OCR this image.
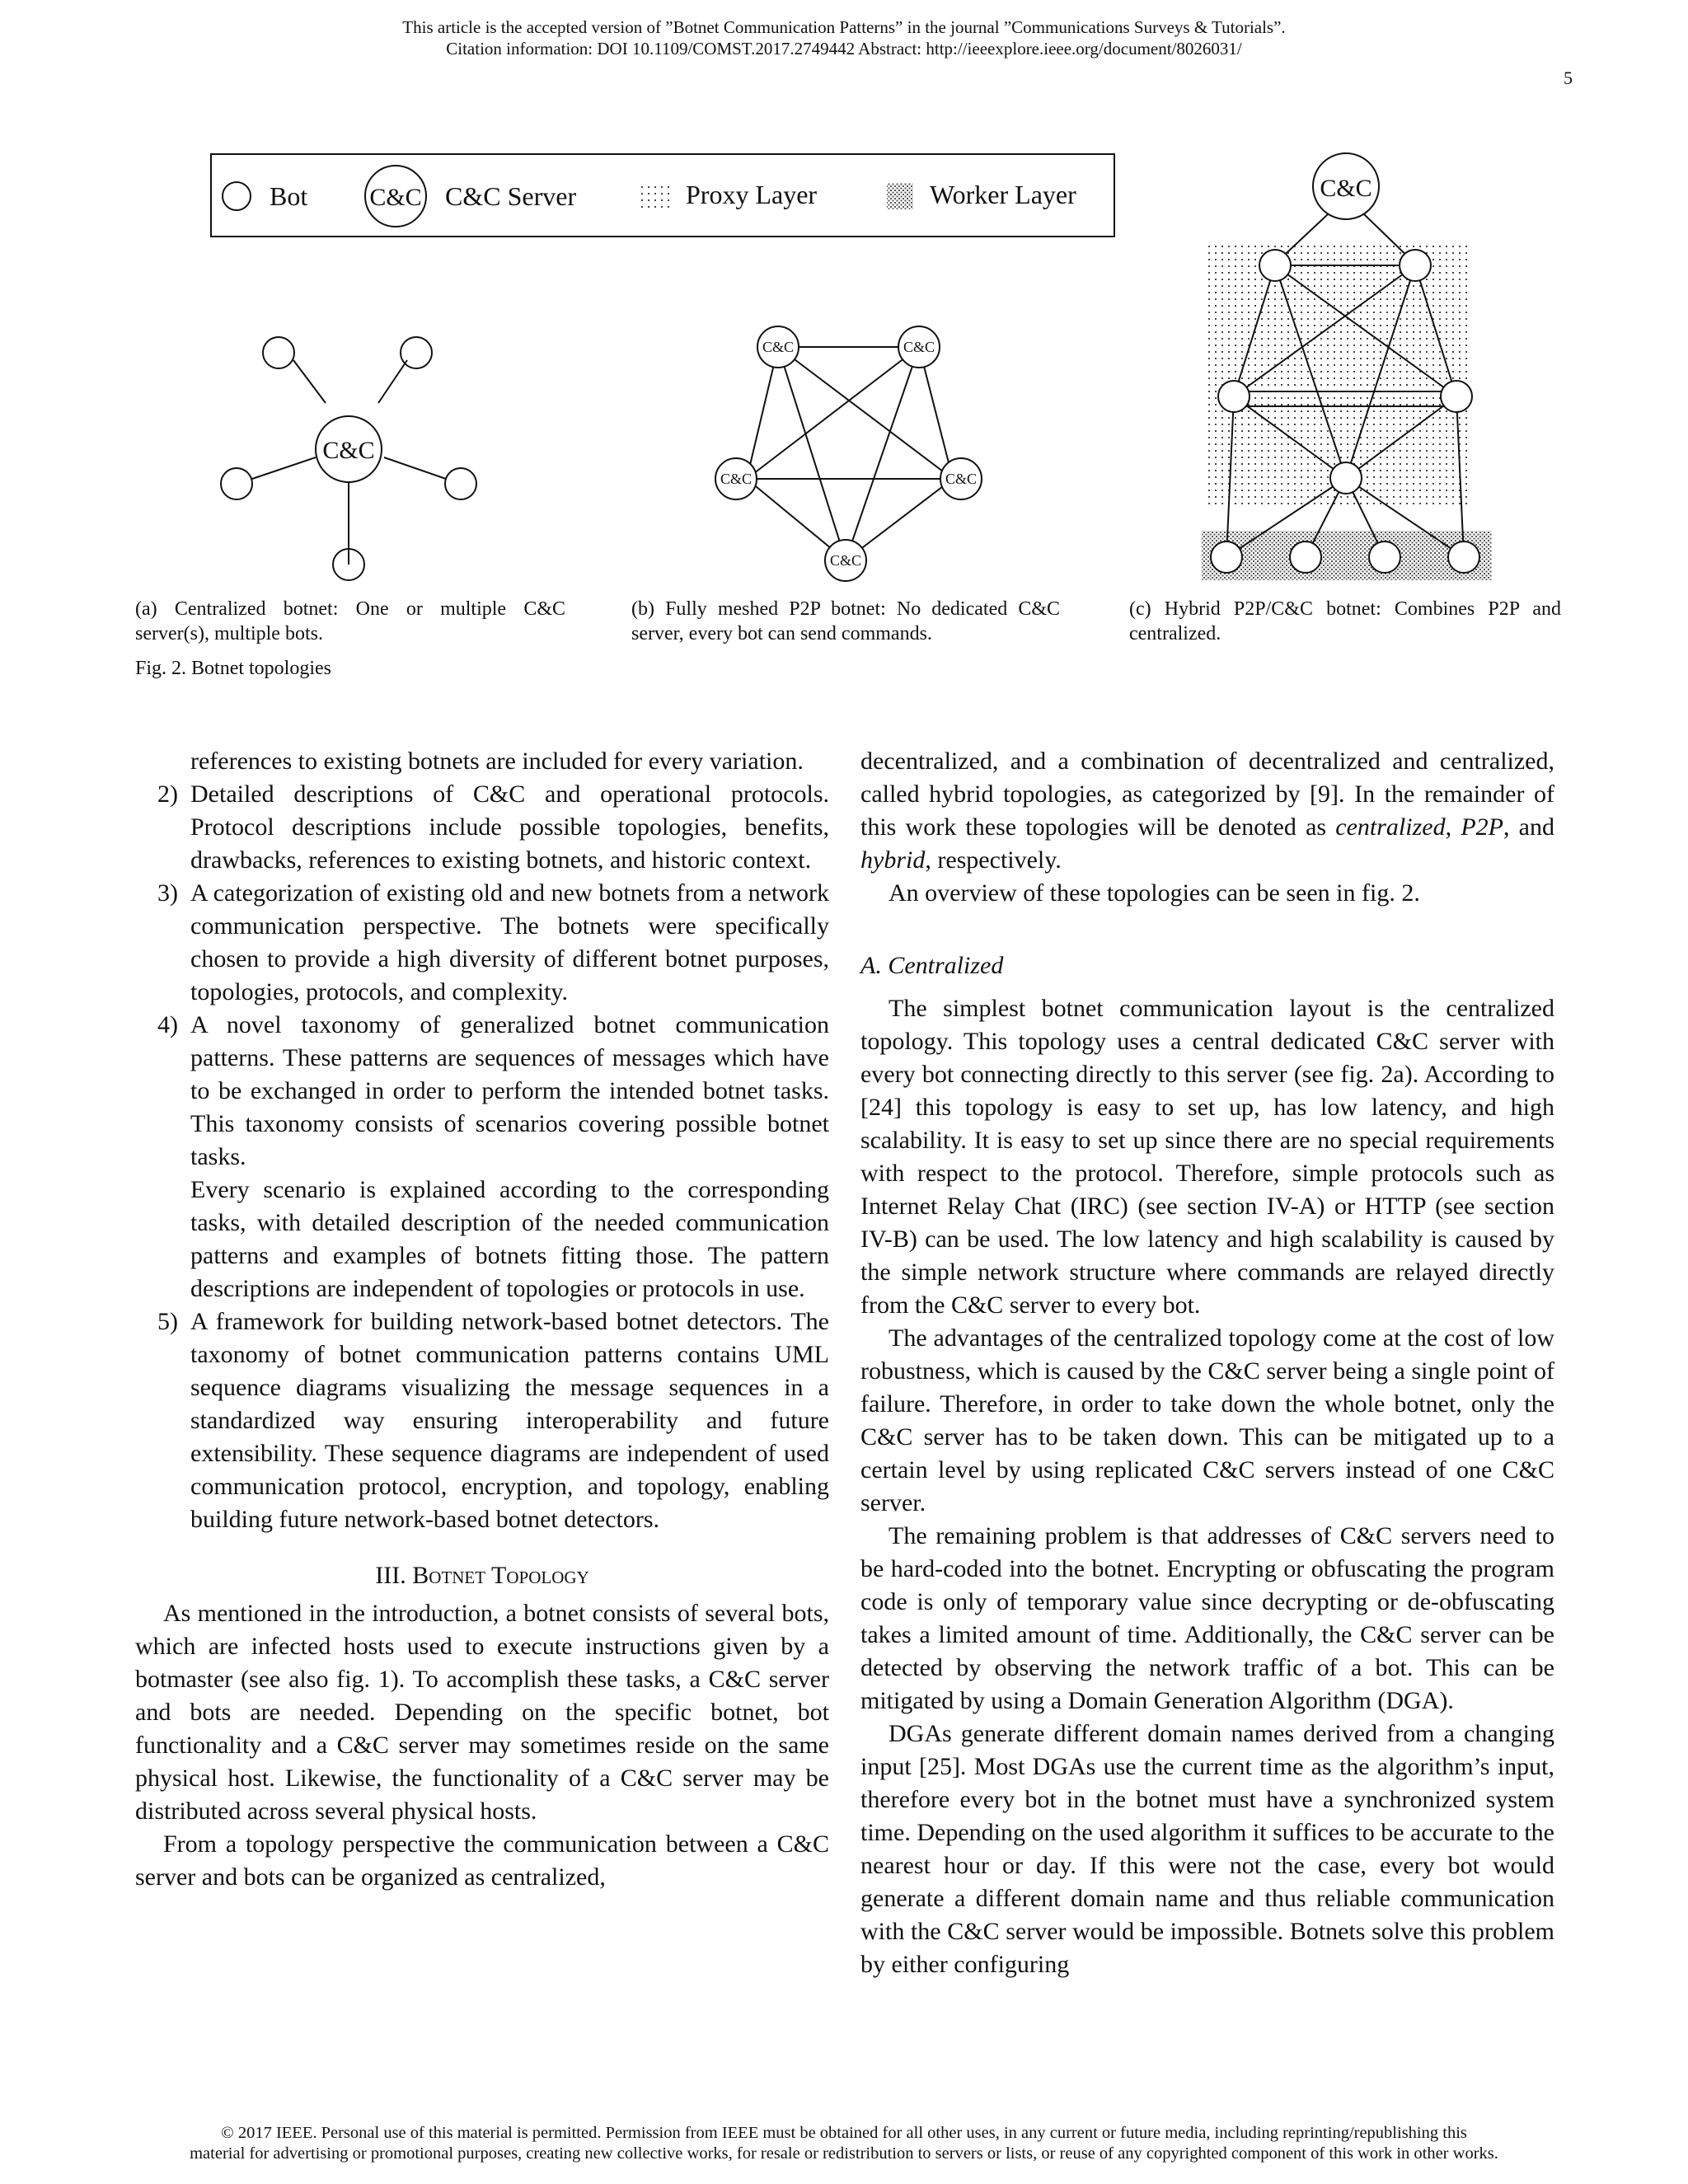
This article is the accepted version of ”Botnet Communication Patterns” in the journal ”Communications Surveys & Tutorials”.
Citation information: DOI 10.1109/COMST.2017.2749442 Abstract: http://ieeexplore.ieee.org/document/8026031/
5
Bot	C&C C&C Server	Proxy Layer	Worker Layer
C&C
C&C	C&C
C&C	C&C
C&C
C&C
(a) Centralized botnet: One or multiple C&C server(s), multiple bots.
(b) Fully meshed P2P botnet: No dedicated C&C server, every bot can send commands.
(c) Hybrid P2P/C&C botnet: Combines P2P and centralized.
Fig. 2. Botnet topologies

references to existing botnets are included for every variation.

2) Detailed descriptions of C&C and operational protocols. Protocol descriptions include possible topologies, benefits, drawbacks, references to existing botnets, and historic context.

3) A categorization of existing old and new botnets from a network communication perspective. The botnets were specifically chosen to provide a high diversity of different botnet purposes, topologies, protocols, and complexity.

4) A novel taxonomy of generalized botnet communication patterns. These patterns are sequences of messages which have to be exchanged in order to perform the intended botnet tasks. This taxonomy consists of scenarios covering possible botnet tasks.

Every scenario is explained according to the corresponding tasks, with detailed description of the needed communication patterns and examples of botnets fitting those. The pattern descriptions are independent of topologies or protocols in use.

5) A framework for building network-based botnet detectors. The taxonomy of botnet communication patterns contains UML sequence diagrams visualizing the message sequences in a standardized way ensuring interoperability and future extensibility. These sequence diagrams are independent of used communication protocol, encryption, and topology, enabling building future network-based botnet detectors.

III. Botnet Topology

As mentioned in the introduction, a botnet consists of several bots, which are infected hosts used to execute instructions given by a botmaster (see also fig. 1). To accomplish these tasks, a C&C server and bots are needed. Depending on the specific botnet, bot functionality and a C&C server may sometimes reside on the same physical host. Likewise, the functionality of a C&C server may be distributed across several physical hosts.

From a topology perspective the communication between a C&C server and bots can be organized as centralized,

decentralized, and a combination of decentralized and centralized, called hybrid topologies, as categorized by [9]. In the remainder of this work these topologies will be denoted as centralized, P2P, and hybrid, respectively.

An overview of these topologies can be seen in fig. 2.

A. Centralized

The simplest botnet communication layout is the centralized topology. This topology uses a central dedicated C&C server with every bot connecting directly to this server (see fig. 2a). According to [24] this topology is easy to set up, has low latency, and high scalability. It is easy to set up since there are no special requirements with respect to the protocol. Therefore, simple protocols such as Internet Relay Chat (IRC) (see section IV-A) or HTTP (see section IV-B) can be used. The low latency and high scalability is caused by the simple network structure where commands are relayed directly from the C&C server to every bot.

The advantages of the centralized topology come at the cost of low robustness, which is caused by the C&C server being a single point of failure. Therefore, in order to take down the whole botnet, only the C&C server has to be taken down. This can be mitigated up to a certain level by using replicated C&C servers instead of one C&C server.

The remaining problem is that addresses of C&C servers need to be hard-coded into the botnet. Encrypting or obfuscating the program code is only of temporary value since decrypting or de-obfuscating takes a limited amount of time. Additionally, the C&C server can be detected by observing the network traffic of a bot. This can be mitigated by using a Domain Generation Algorithm (DGA).

DGAs generate different domain names derived from a changing input [25]. Most DGAs use the current time as the algorithm’s input, therefore every bot in the botnet must have a synchronized system time. Depending on the used algorithm it suffices to be accurate to the nearest hour or day. If this were not the case, every bot would generate a different domain name and thus reliable communication with the C&C server would be impossible. Botnets solve this problem by either configuring

© 2017 IEEE. Personal use of this material is permitted. Permission from IEEE must be obtained for all other uses, in any current or future media, including reprinting/republishing this
material for advertising or promotional purposes, creating new collective works, for resale or redistribution to servers or lists, or reuse of any copyrighted component of this work in other works.
